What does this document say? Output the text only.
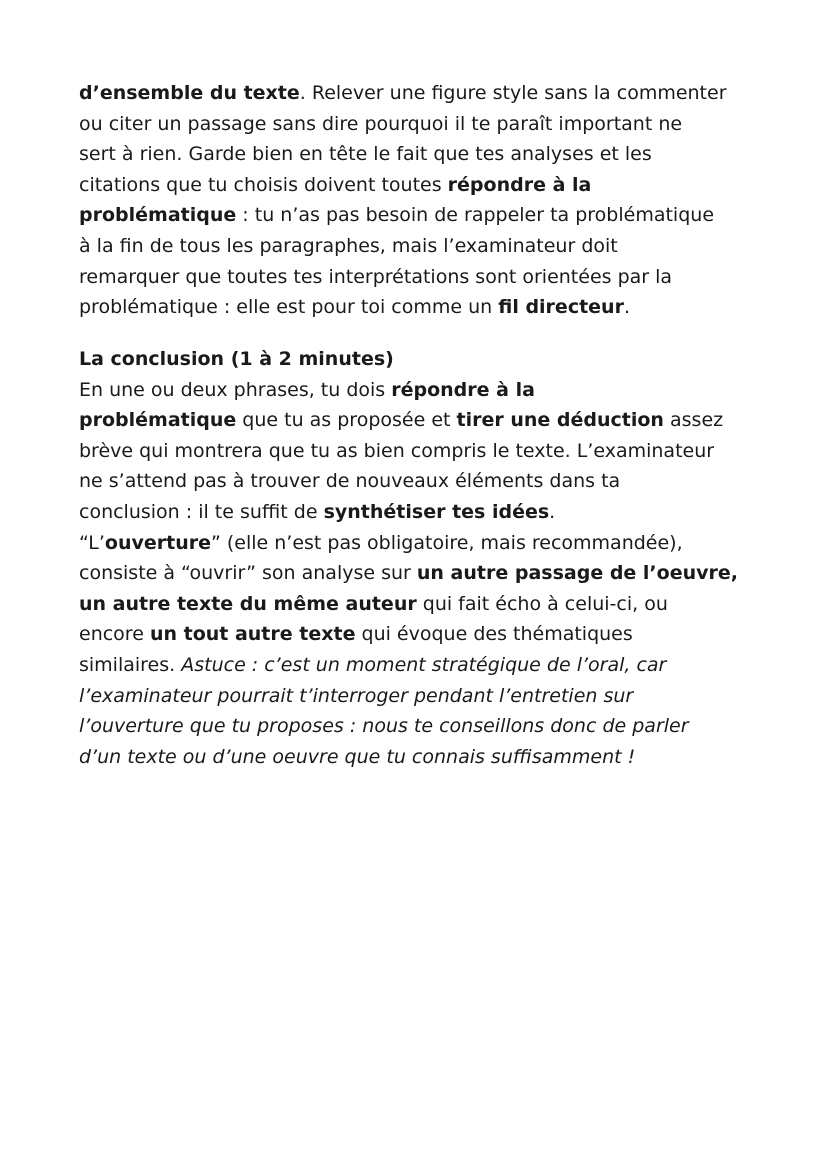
d’ensemble du texte. Relever une figure style sans la commenter
ou citer un passage sans dire pourquoi il te paraît important ne
sert à rien. Garde bien en tête le fait que tes analyses et les
citations que tu choisis doivent toutes répondre à la
problématique : tu n’as pas besoin de rappeler ta problématique
à la fin de tous les paragraphes, mais l’examinateur doit
remarquer que toutes tes interprétations sont orientées par la
problématique : elle est pour toi comme un fil directeur.
La conclusion (1 à 2 minutes)
En une ou deux phrases, tu dois répondre à la
problématique que tu as proposée et tirer une déduction assez
brève qui montrera que tu as bien compris le texte. L’examinateur
ne s’attend pas à trouver de nouveaux éléments dans ta
conclusion : il te suffit de synthétiser tes idées.
“L’ouverture” (elle n’est pas obligatoire, mais recommandée),
consiste à “ouvrir” son analyse sur un autre passage de l’oeuvre,
un autre texte du même auteur qui fait écho à celui-ci, ou
encore un tout autre texte qui évoque des thématiques
similaires. Astuce : c’est un moment stratégique de l’oral, car
l’examinateur pourrait t’interroger pendant l’entretien sur
l’ouverture que tu proposes : nous te conseillons donc de parler
d’un texte ou d’une oeuvre que tu connais suffisamment !
